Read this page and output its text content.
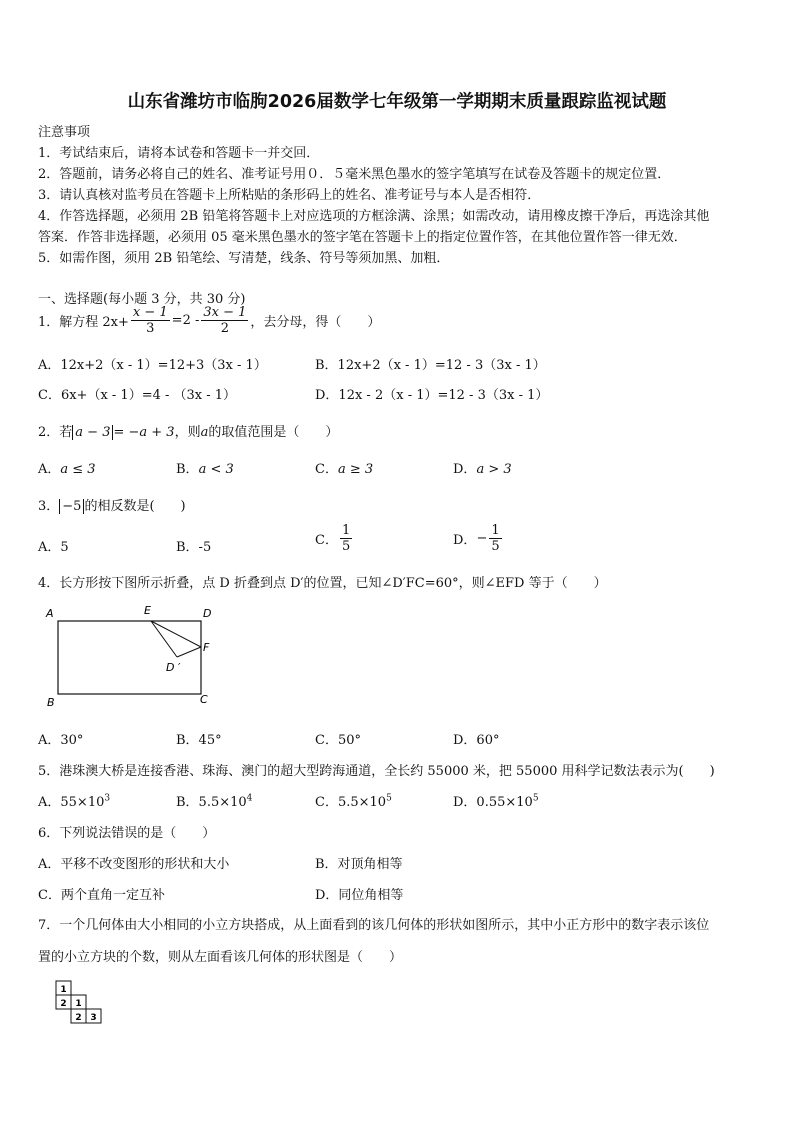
山东省潍坊市临朐2026届数学七年级第一学期期末质量跟踪监视试题
注意事项
1．考试结束后，请将本试卷和答题卡一并交回．
2．答题前，请务必将自己的姓名、准考证号用０．５毫米黑色墨水的签字笔填写在试卷及答题卡的规定位置．
3．请认真核对监考员在答题卡上所粘贴的条形码上的姓名、准考证号与本人是否相符．
4．作答选择题，必须用 2B 铅笔将答题卡上对应选项的方框涂满、涂黑；如需改动，请用橡皮擦干净后，再选涂其他
答案．作答非选择题，必须用 05 毫米黑色墨水的签字笔在答题卡上的指定位置作答，在其他位置作答一律无效．
5．如需作图，须用 2B 铅笔绘、写清楚，线条、符号等须加黑、加粗．
一、选择题(每小题 3 分，共 30 分)
1．解方程 $2x+ \frac{x - 1}{3} =2 - \frac{3x - 1}{2}$ ，去分母，得（　　）
A．12x+2（x - 1）=12+3（3x - 1）	B．12x+2（x - 1）=12 - 3（3x - 1）
C．6x+（x - 1）=4 - （3x - 1）	D．12x - 2（x - 1）=12 - 3（3x - 1）
2．若 a − 3 = −a + 3，则a的取值范围是（　　）
A．a ≤ 3	B．a < 3	C．a ≥ 3	D．a > 3
3． −5 的相反数是(　　)
A．5	B．-5	C．
1
5	D． − $\frac{1}{5}$
4．长方形按下图所示折叠，点 D 折叠到点 D′的位置，已知∠D′FC=60°，则∠EFD 等于（　　）
A	E	D
F
D ′
B	C
A．30°	B．45°	C．50°	D．60°
5．港珠澳大桥是连接香港、珠海、澳门的超大型跨海通道，全长约 55000 米，把 55000 用科学记数法表示为(　　)
A．$55\times 10^3$	B．$5.5\times 10^4$	C．$5.5\times 10^5$	D．$0.55\times 10^5$
6．下列说法错误的是（　　）
A．平移不改变图形的形状和大小	B．对顶角相等
C．两个直角一定互补	D．同位角相等
7．一个几何体由大小相同的小立方块搭成，从上面看到的该几何体的形状如图所示，其中小正方形中的数字表示该位
置的小立方块的个数，则从左面看该几何体的形状图是（　　）
1
2 1
2 3
